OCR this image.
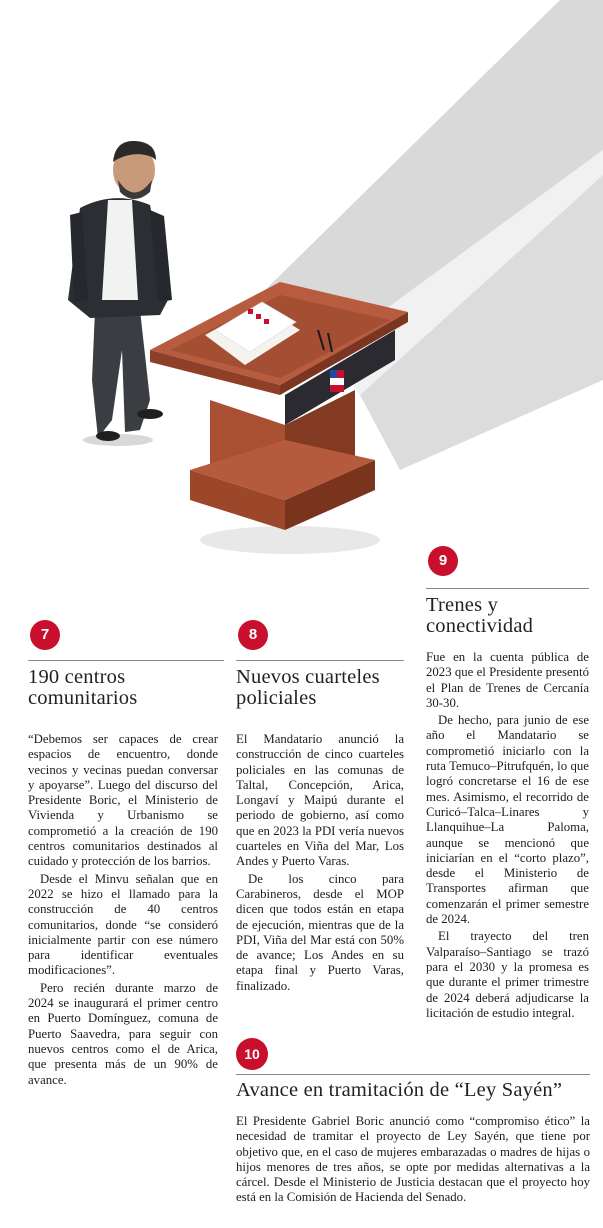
9
Trenes y
conectividad

Fue en la cuenta pública de 2023 que el Presidente presentó el Plan de Trenes de Cercanía 30-30.

De hecho, para junio de ese año el Mandatario se comprometió iniciarlo con la ruta Temuco–Pitrufquén, lo que logró concretarse el 16 de ese mes. Asimismo, el recorrido de Curicó–Talca–Linares y Llanquihue–La Paloma, aunque se mencionó que iniciarían en el “corto plazo”, desde el Ministerio de Transportes afirman que comenzarán el primer semestre de 2024.

El trayecto del tren Valparaíso–Santiago se trazó para el 2030 y la promesa es que durante el primer trimestre de 2024 deberá adjudicarse la licitación de estudio integral.

7
190 centros
comunitarios

“Debemos ser capaces de crear espacios de encuentro, donde vecinos y vecinas puedan conversar y apoyarse”. Luego del discurso del Presidente Boric, el Ministerio de Vivienda y Urbanismo se comprometió a la creación de 190 centros comunitarios destinados al cuidado y protección de los barrios.

Desde el Minvu señalan que en 2022 se hizo el llamado para la construcción de 40 centros comunitarios, donde “se consideró inicialmente partir con ese número para identificar eventuales modificaciones”.

Pero recién durante marzo de 2024 se inaugurará el primer centro en Puerto Domínguez, comuna de Puerto Saavedra, para seguir con nuevos centros como el de Arica, que presenta más de un 90% de avance.

8
Nuevos cuarteles
policiales

El Mandatario anunció la construcción de cinco cuarteles policiales en las comunas de Taltal, Concepción, Arica, Longaví y Maipú durante el periodo de gobierno, así como que en 2023 la PDI vería nuevos cuarteles en Viña del Mar, Los Andes y Puerto Varas.

De los cinco para Carabineros, desde el MOP dicen que todos están en etapa de ejecución, mientras que de la PDI, Viña del Mar está con 50% de avance; Los Andes en su etapa final y Puerto Varas, finalizado.

10
Avance en tramitación de “Ley Sayén”

El Presidente Gabriel Boric anunció como “compromiso ético” la necesidad de tramitar el proyecto de Ley Sayén, que tiene por objetivo que, en el caso de mujeres embarazadas o madres de hijas o hijos menores de tres años, se opte por medidas alternativas a la cárcel. Desde el Ministerio de Justicia destacan que el proyecto hoy está en la Comisión de Hacienda del Senado.
